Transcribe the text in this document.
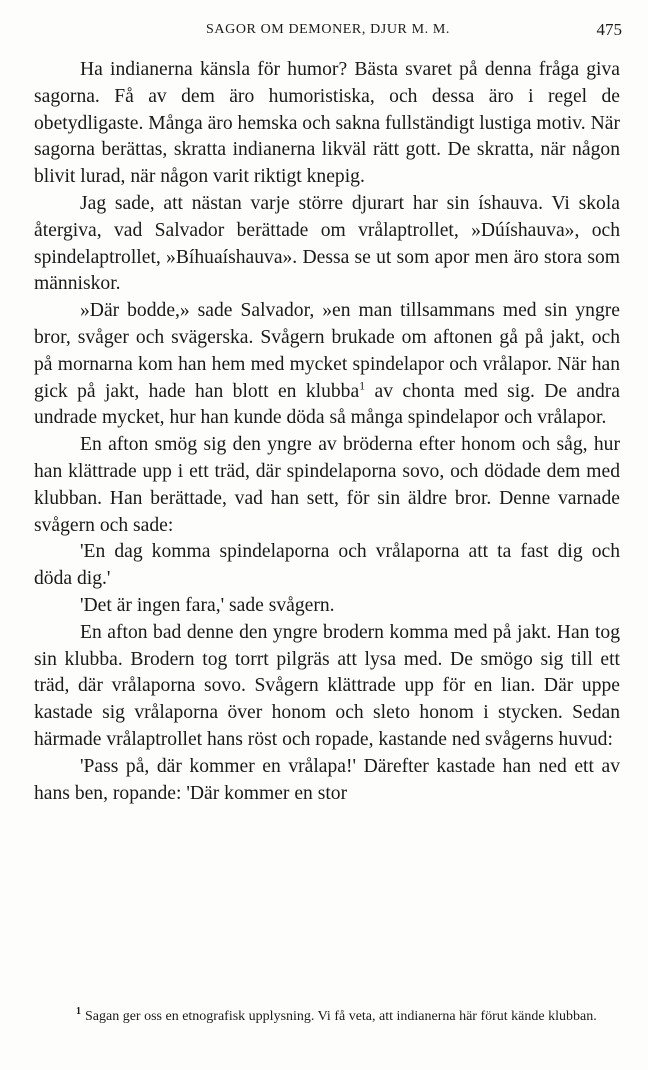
SAGOR OM DEMONER, DJUR M. M.	475

Ha indianerna känsla för humor? Bästa svaret på denna fråga giva sagorna. Få av dem äro humoristiska, och dessa äro i regel de obetydligaste. Många äro hemska och sakna fullständigt lustiga motiv. När sagorna berättas, skratta indianerna likväl rätt gott. De skratta, när någon blivit lurad, när någon varit riktigt knepig.

Jag sade, att nästan varje större djurart har sin íshauva. Vi skola återgiva, vad Salvador berättade om vrålaptrollet, »Dúíshauva», och spindelaptrollet, »Bíhuaíshauva». Dessa se ut som apor men äro stora som människor.

»Där bodde,» sade Salvador, »en man tillsammans med sin yngre bror, svåger och svägerska. Svågern brukade om aftonen gå på jakt, och på mornarna kom han hem med mycket spindelapor och vrålapor. När han gick på jakt, hade han blott en klubba$^1$ av chonta med sig. De andra undrade mycket, hur han kunde döda så många spindelapor och vrålapor.

En afton smög sig den yngre av bröderna efter honom och såg, hur han klättrade upp i ett träd, där spindelaporna sovo, och dödade dem med klubban. Han berättade, vad han sett, för sin äldre bror. Denne varnade svågern och sade:

'En dag komma spindelaporna och vrålaporna att ta fast dig och döda dig.'

'Det är ingen fara,' sade svågern.

En afton bad denne den yngre brodern komma med på jakt. Han tog sin klubba. Brodern tog torrt pilgräs att lysa med. De smögo sig till ett träd, där vrålaporna sovo. Svågern klättrade upp för en lian. Där uppe kastade sig vrålaporna över honom och sleto honom i stycken. Sedan härmade vrålaptrollet hans röst och ropade, kastande ned svågerns huvud:

'Pass på, där kommer en vrålapa!' Därefter kastade han ned ett av hans ben, ropande: 'Där kommer en stor

$^1$ Sagan ger oss en etnografisk upplysning. Vi få veta, att indianerna här förut kände klubban.
